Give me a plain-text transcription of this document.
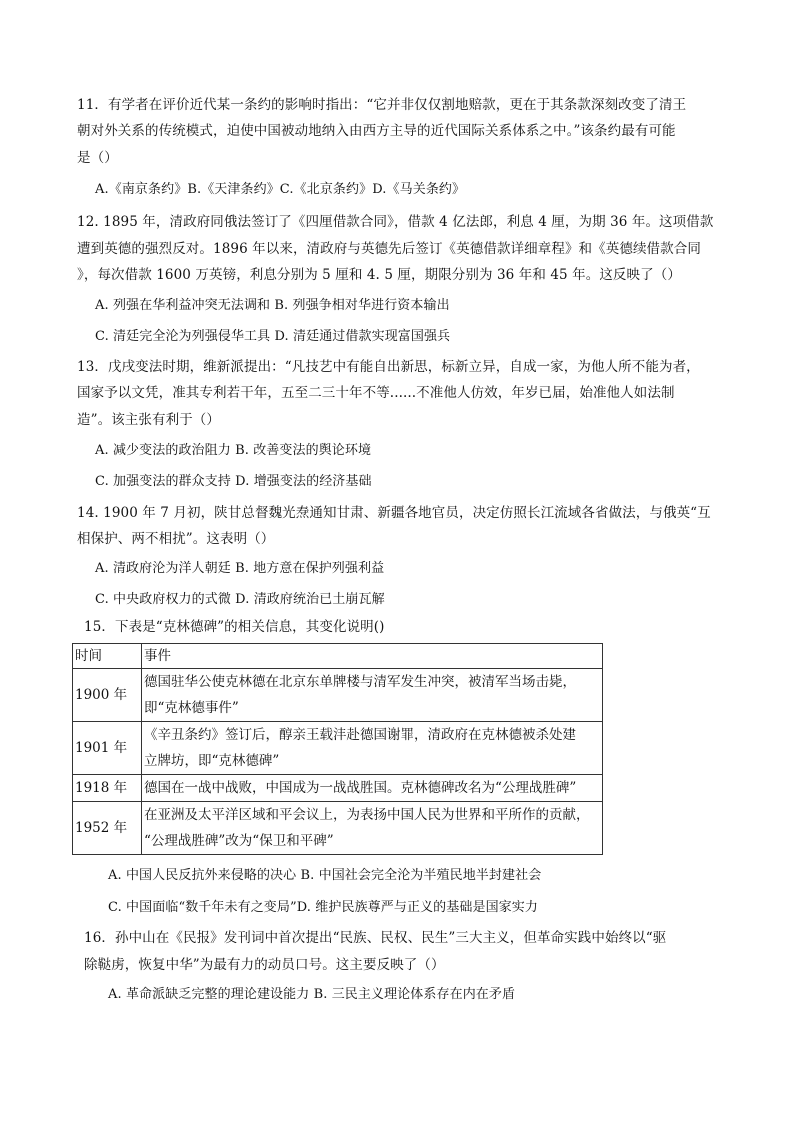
11．有学者在评价近代某一条约的影响时指出：“它并非仅仅割地赔款，更在于其条款深刻改变了清王
朝对外关系的传统模式，迫使中国被动地纳入由西方主导的近代国际关系体系之中。”该条约最有可能
是（）
A.《南京条约》B.《天津条约》C.《北京条约》D.《马关条约》
12. 1895 年，清政府同俄法签订了《四厘借款合同》，借款 4 亿法郎，利息 4 厘，为期 36 年。这项借款
遭到英德的强烈反对。1896 年以来，清政府与英德先后签订《英德借款详细章程》和《英德续借款合同
》，每次借款 1600 万英镑，利息分别为 5 厘和 4. 5 厘，期限分别为 36 年和 45 年。这反映了（）
A. 列强在华利益冲突无法调和 B. 列强争相对华进行资本输出
C. 清廷完全沦为列强侵华工具 D. 清廷通过借款实现富国强兵
13．戊戌变法时期，维新派提出：“凡技艺中有能自出新思，标新立异，自成一家，为他人所不能为者，
国家予以文凭，准其专利若干年，五至二三十年不等......不准他人仿效，年岁已届，始准他人如法制
造”。该主张有利于（）
A. 减少变法的政治阻力 B. 改善变法的舆论环境
C. 加强变法的群众支持 D. 增强变法的经济基础
14. 1900 年 7 月初，陕甘总督魏光焘通知甘肃、新疆各地官员，决定仿照长江流域各省做法，与俄英“互
相保护、两不相扰”。这表明（）
A. 清政府沦为洋人朝廷 B. 地方意在保护列强利益
C. 中央政府权力的式微 D. 清政府统治已土崩瓦解
15．下表是“克林德碑”的相关信息，其变化说明()
时间	事件
1900 年	德国驻华公使克林德在北京东单牌楼与清军发生冲突，被清军当场击毙，
即“克林德事件”

1901 年	《辛丑条约》签订后，醇亲王载沣赴德国谢罪，清政府在克林德被杀处建
立牌坊，即“克林德碑”

1918 年	德国在一战中战败，中国成为一战战胜国。克林德碑改名为“公理战胜碑”

1952 年	在亚洲及太平洋区域和平会议上，为表扬中国人民为世界和平所作的贡献，
“公理战胜碑”改为“保卫和平碑”
A. 中国人民反抗外来侵略的决心 B. 中国社会完全沦为半殖民地半封建社会
C. 中国面临“数千年未有之变局”D. 维护民族尊严与正义的基础是国家实力
16．孙中山在《民报》发刊词中首次提出“民族、民权、民生”三大主义，但革命实践中始终以“驱
除鞑虏，恢复中华”为最有力的动员口号。这主要反映了（）
A. 革命派缺乏完整的理论建设能力 B. 三民主义理论体系存在内在矛盾
